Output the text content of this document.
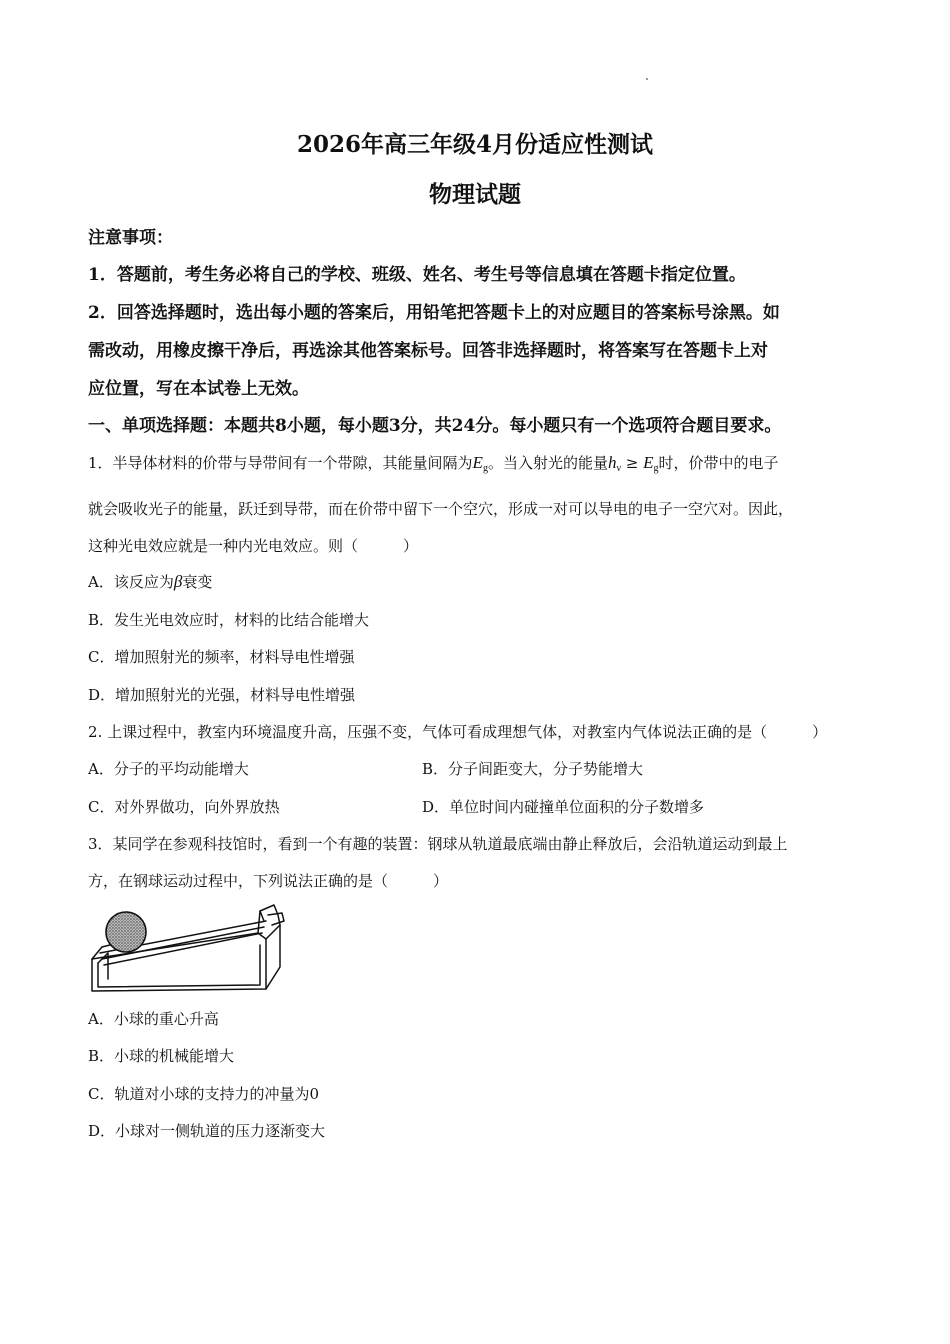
2026年高三年级4月份适应性测试
物理试题
注意事项：
1．答题前，考生务必将自己的学校、班级、姓名、考生号等信息填在答题卡指定位置。
2．回答选择题时，选出每小题的答案后，用铅笔把答题卡上的对应题目的答案标号涂黑。如
需改动，用橡皮擦干净后，再选涂其他答案标号。回答非选择题时，将答案写在答题卡上对
应位置，写在本试卷上无效。
一、单项选择题：本题共8小题，每小题3分，共24分。每小题只有一个选项符合题目要求。
1．半导体材料的价带与导带间有一个带隙，其能量间隔为$E_g$。当入射光的能量$h_\nu \ge E_g$时，价带中的电子
就会吸收光子的能量，跃迁到导带，而在价带中留下一个空穴，形成一对可以导电的电子一空穴对。因此，
这种光电效应就是一种内光电效应。则（　　　）
A．该反应为β衰变
B．发生光电效应时，材料的比结合能增大
C．增加照射光的频率，材料导电性增强
D．增加照射光的光强，材料导电性增强
2. 上课过程中，教室内环境温度升高，压强不变，气体可看成理想气体，对教室内气体说法正确的是（　　　）
A．分子的平均动能增大	B．分子间距变大，分子势能增大
C．对外界做功，向外界放热	D．单位时间内碰撞单位面积的分子数增多
3．某同学在参观科技馆时，看到一个有趣的装置：钢球从轨道最底端由静止释放后，会沿轨道运动到最上
方，在钢球运动过程中，下列说法正确的是（　　　）
A．小球的重心升高
B．小球的机械能增大
C．轨道对小球的支持力的冲量为0
D．小球对一侧轨道的压力逐渐变大
